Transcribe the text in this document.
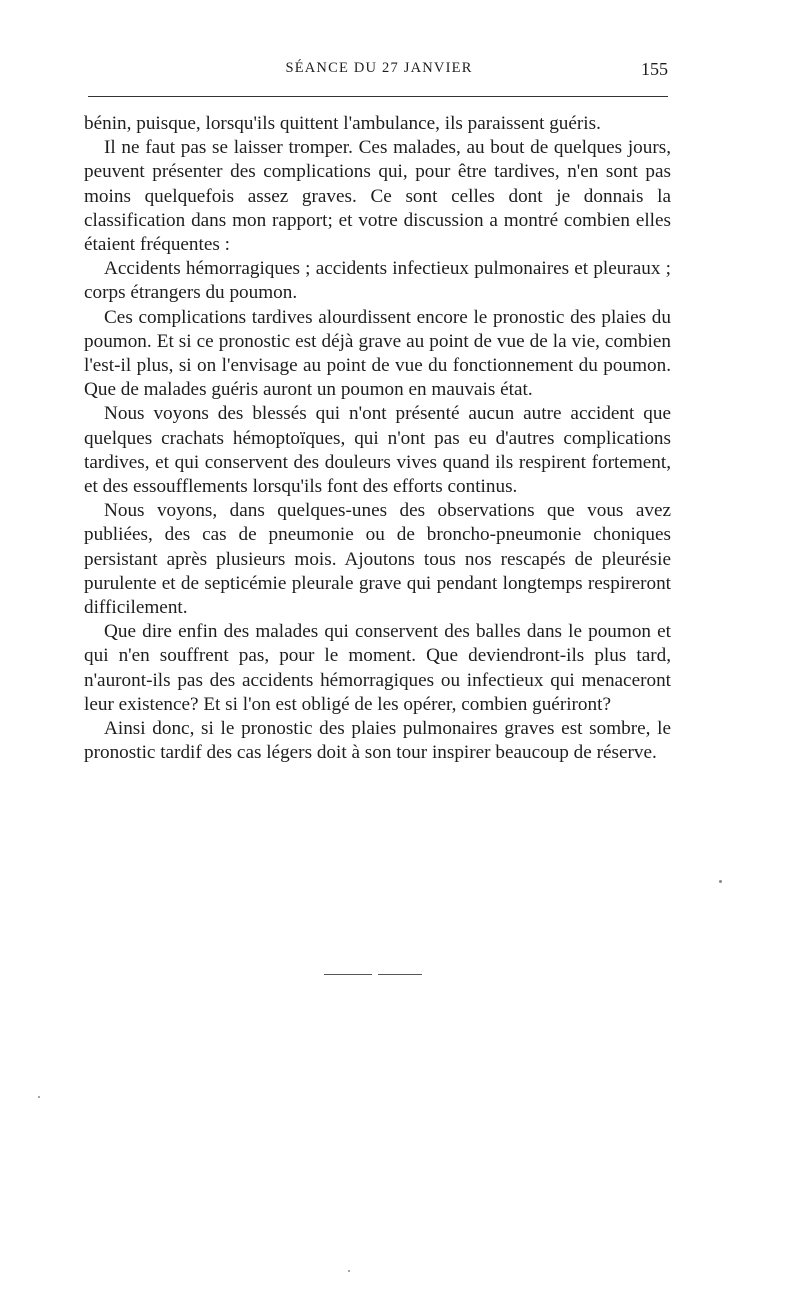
SÉANCE DU 27 JANVIER	155

bénin, puisque, lorsqu'ils quittent l'ambulance, ils paraissent guéris.

Il ne faut pas se laisser tromper. Ces malades, au bout de quelques jours, peuvent présenter des complications qui, pour être tardives, n'en sont pas moins quelquefois assez graves. Ce sont celles dont je donnais la classification dans mon rapport; et votre discussion a montré combien elles étaient fréquentes :

Accidents hémorragiques ; accidents infectieux pulmonaires et pleuraux ; corps étrangers du poumon.

Ces complications tardives alourdissent encore le pronostic des plaies du poumon. Et si ce pronostic est déjà grave au point de vue de la vie, combien l'est-il plus, si on l'envisage au point de vue du fonctionnement du poumon. Que de malades guéris auront un poumon en mauvais état.

Nous voyons des blessés qui n'ont présenté aucun autre accident que quelques crachats hémoptoïques, qui n'ont pas eu d'autres complications tardives, et qui conservent des douleurs vives quand ils respirent fortement, et des essoufflements lorsqu'ils font des efforts continus.

Nous voyons, dans quelques-unes des observations que vous avez publiées, des cas de pneumonie ou de broncho-pneumonie choniques persistant après plusieurs mois. Ajoutons tous nos rescapés de pleurésie purulente et de septicémie pleurale grave qui pendant longtemps respireront difficilement.

Que dire enfin des malades qui conservent des balles dans le poumon et qui n'en souffrent pas, pour le moment. Que deviendront-ils plus tard, n'auront-ils pas des accidents hémorragiques ou infectieux qui menaceront leur existence? Et si l'on est obligé de les opérer, combien guériront?

Ainsi donc, si le pronostic des plaies pulmonaires graves est sombre, le pronostic tardif des cas légers doit à son tour inspirer beaucoup de réserve.
